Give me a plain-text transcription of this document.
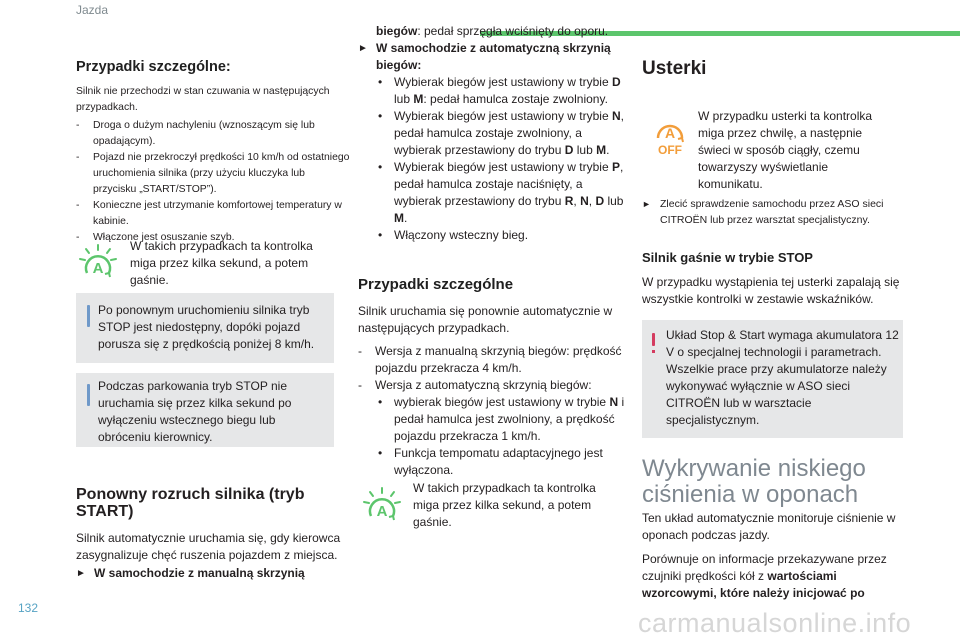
Jazda
Przypadki szczególne:
Silnik nie przechodzi w stan czuwania w następujących przypadkach.
- Droga o dużym nachyleniu (wznoszącym się lub opadającym).
- Pojazd nie przekroczył prędkości 10 km/h od ostatniego uruchomienia silnika (przy użyciu kluczyka lub przycisku „START/STOP”).
- Konieczne jest utrzymanie komfortowej temperatury w kabinie.
- Włączone jest osuszanie szyb.
A
W takich przypadkach ta kontrolka miga przez kilka sekund, a potem gaśnie.
Po ponownym uruchomieniu silnika tryb STOP jest niedostępny, dopóki pojazd porusza się z prędkością poniżej 8 km/h.
Podczas parkowania tryb STOP nie uruchamia się przez kilka sekund po wyłączeniu wstecznego biegu lub obróceniu kierownicy.
Ponowny rozruch silnika (tryb START)
Silnik automatycznie uruchamia się, gdy kierowca zasygnalizuje chęć ruszenia pojazdem z miejsca.
► W samochodzie z manualną skrzynią
biegów: pedał sprzęgła wciśnięty do oporu.
► W samochodzie z automatyczną skrzynią biegów:
• Wybierak biegów jest ustawiony w trybie D lub M: pedał hamulca zostaje zwolniony.
• Wybierak biegów jest ustawiony w trybie N, pedał hamulca zostaje zwolniony, a wybierak przestawiony do trybu D lub M.
• Wybierak biegów jest ustawiony w trybie P, pedał hamulca zostaje naciśnięty, a wybierak przestawiony do trybu R, N, D lub M.
• Włączony wsteczny bieg.
Przypadki szczególne
Silnik uruchamia się ponownie automatycznie w następujących przypadkach.
- Wersja z manualną skrzynią biegów: prędkość pojazdu przekracza 4 km/h.
- Wersja z automatyczną skrzynią biegów:
• wybierak biegów jest ustawiony w trybie N i pedał hamulca jest zwolniony, a prędkość pojazdu przekracza 1 km/h.
• Funkcja tempomatu adaptacyjnego jest wyłączona.
A
W takich przypadkach ta kontrolka miga przez kilka sekund, a potem gaśnie.
Usterki
A
OFF
W przypadku usterki ta kontrolka miga przez chwilę, a następnie świeci w sposób ciągły, czemu towarzyszy wyświetlanie komunikatu.
► Zlecić sprawdzenie samochodu przez ASO sieci CITROËN lub przez warsztat specjalistyczny.
Silnik gaśnie w trybie STOP
W przypadku wystąpienia tej usterki zapalają się wszystkie kontrolki w zestawie wskaźników.
Układ Stop & Start wymaga akumulatora 12 V o specjalnej technologii i parametrach. Wszelkie prace przy akumulatorze należy wykonywać wyłącznie w ASO sieci CITROËN lub w warsztacie specjalistycznym.
Wykrywanie niskiego ciśnienia w oponach
Ten układ automatycznie monitoruje ciśnienie w oponach podczas jazdy.
Porównuje on informacje przekazywane przez czujniki prędkości kół z wartościami wzorcowymi, które należy inicjować po
132	carmanualsonline.info
